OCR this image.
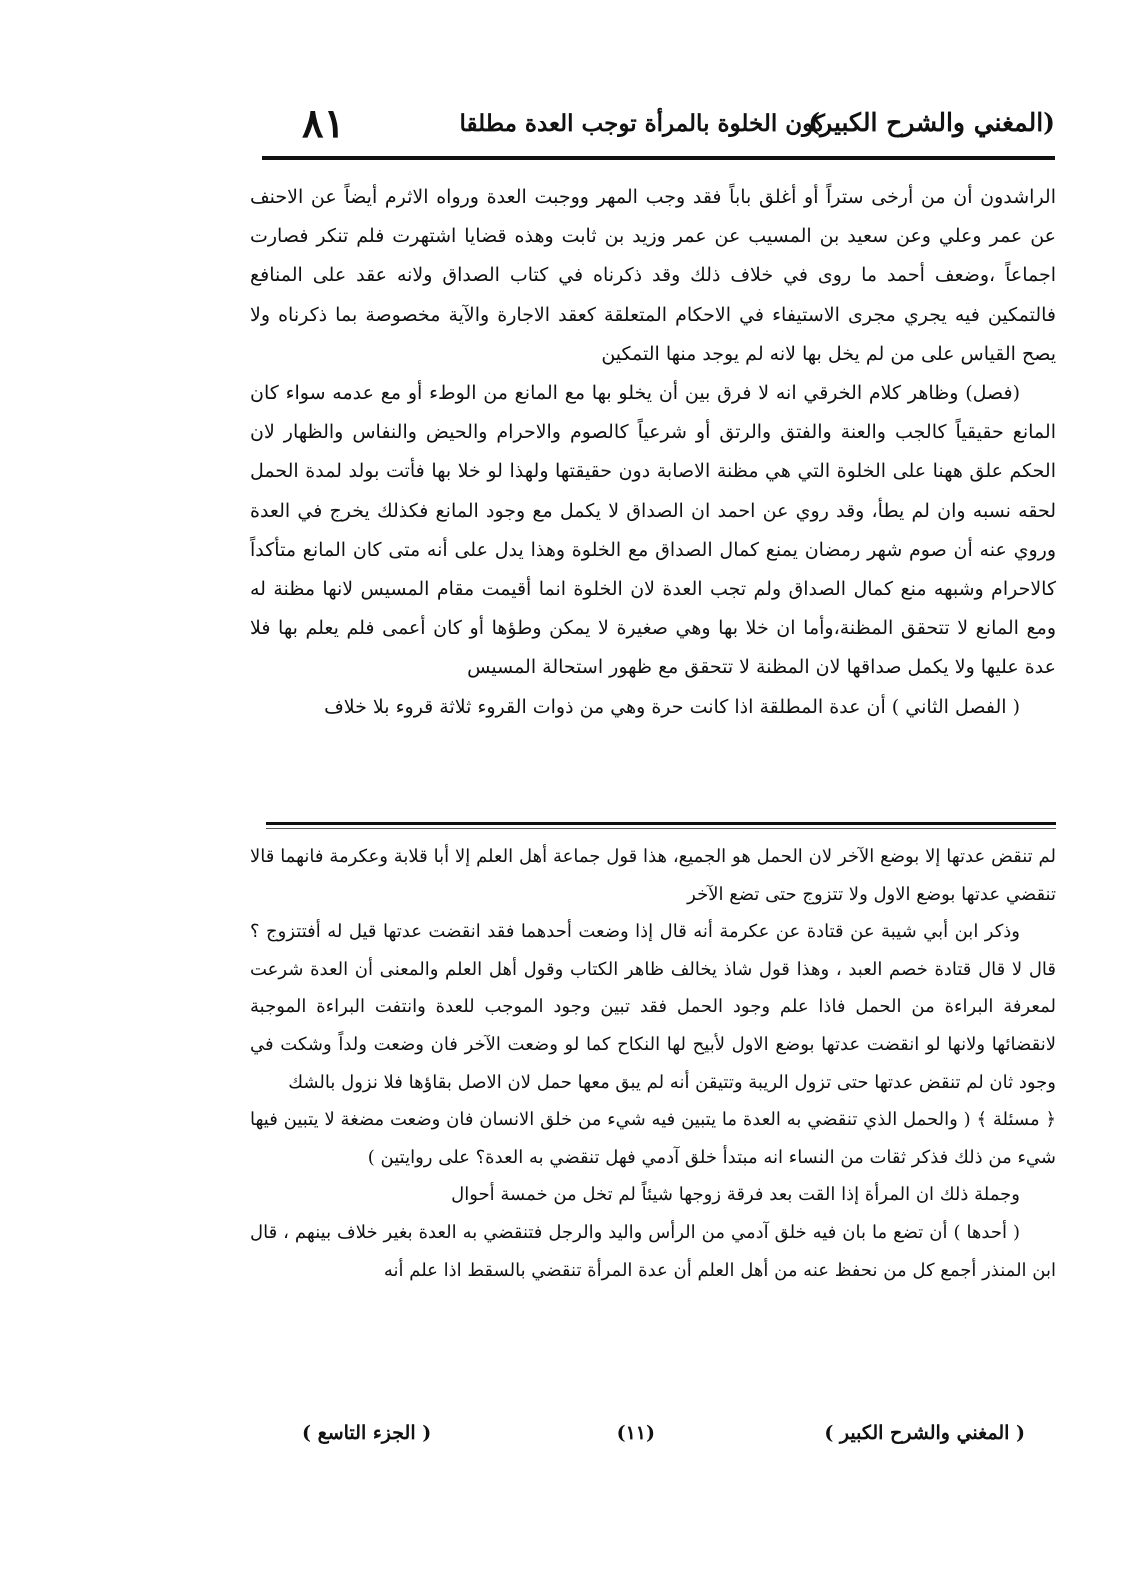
(المغني والشرح الكبير)
كون الخلوة بالمرأة توجب العدة مطلقا
٨١

الراشدون أن من أرخى ستراً أو أغلق باباً فقد وجب المهر ووجبت العدة ورواه الاثرم أيضاً عن الاحنف عن عمر وعلي وعن سعيد بن المسيب عن عمر وزيد بن ثابت وهذه قضايا اشتهرت فلم تنكر فصارت اجماعاً ،وضعف أحمد ما روى في خلاف ذلك وقد ذكرناه في كتاب الصداق ولانه عقد على المنافع فالتمكين فيه يجري مجرى الاستيفاء في الاحكام المتعلقة كعقد الاجارة والآية مخصوصة بما ذكرناه ولا يصح القياس على من لم يخل بها لانه لم يوجد منها التمكين

(فصل) وظاهر كلام الخرقي انه لا فرق بين أن يخلو بها مع المانع من الوطء أو مع عدمه سواء كان المانع حقيقياً كالجب والعنة والفتق والرتق أو شرعياً كالصوم والاحرام والحيض والنفاس والظهار لان الحكم علق ههنا على الخلوة التي هي مظنة الاصابة دون حقيقتها ولهذا لو خلا بها فأتت بولد لمدة الحمل لحقه نسبه وان لم يطأ، وقد روي عن احمد ان الصداق لا يكمل مع وجود المانع فكذلك يخرج في العدة وروي عنه أن صوم شهر رمضان يمنع كمال الصداق مع الخلوة وهذا يدل على أنه متى كان المانع متأكداً كالاحرام وشبهه منع كمال الصداق ولم تجب العدة لان الخلوة انما أقيمت مقام المسيس لانها مظنة له ومع المانع لا تتحقق المظنة،وأما ان خلا بها وهي صغيرة لا يمكن وطؤها أو كان أعمى فلم يعلم بها فلا عدة عليها ولا يكمل صداقها لان المظنة لا تتحقق مع ظهور استحالة المسيس

( الفصل الثاني ) أن عدة المطلقة اذا كانت حرة وهي من ذوات القروء ثلاثة قروء بلا خلاف

لم تنقض عدتها إلا بوضع الآخر لان الحمل هو الجميع، هذا قول جماعة أهل العلم إلا أبا قلابة وعكرمة فانهما قالا تنقضي عدتها بوضع الاول ولا تتزوج حتى تضع الآخر

وذكر ابن أبي شيبة عن قتادة عن عكرمة أنه قال إذا وضعت أحدهما فقد انقضت عدتها قيل له أفتتزوج ؟ قال لا قال قتادة خصم العبد ، وهذا قول شاذ يخالف ظاهر الكتاب وقول أهل العلم والمعنى أن العدة شرعت لمعرفة البراءة من الحمل فاذا علم وجود الحمل فقد تبين وجود الموجب للعدة وانتفت البراءة الموجبة لانقضائها ولانها لو انقضت عدتها بوضع الاول لأبيح لها النكاح كما لو وضعت الآخر فان وضعت ولداً وشكت في وجود ثان لم تنقض عدتها حتى تزول الريبة وتتيقن أنه لم يبق معها حمل لان الاصل بقاؤها فلا نزول بالشك

﴿ مسئلة ﴾ ( والحمل الذي تنقضي به العدة ما يتبين فيه شيء من خلق الانسان فان وضعت مضغة لا يتبين فيها شيء من ذلك فذكر ثقات من النساء انه مبتدأ خلق آدمي فهل تنقضي به العدة؟ على روايتين )

وجملة ذلك ان المرأة إذا القت بعد فرقة زوجها شيئاً لم تخل من خمسة أحوال

( أحدها ) أن تضع ما بان فيه خلق آدمي من الرأس واليد والرجل فتنقضي به العدة بغير خلاف بينهم ، قال ابن المنذر أجمع كل من نحفظ عنه من أهل العلم أن عدة المرأة تنقضي بالسقط اذا علم أنه

( المغني والشرح الكبير )
(١١)
( الجزء التاسع )
